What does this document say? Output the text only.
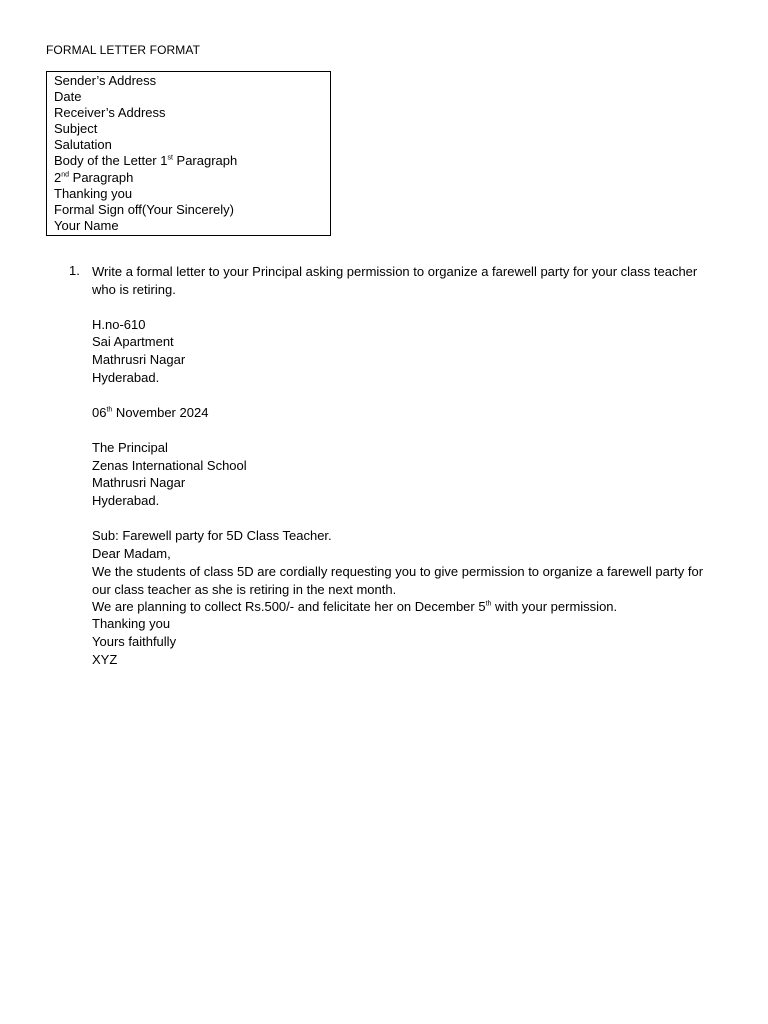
FORMAL LETTER FORMAT
Sender’s Address
Date
Receiver’s Address
Subject
Salutation
Body of the Letter 1st Paragraph
2nd Paragraph
Thanking you
Formal Sign off(Your Sincerely)
Your Name
1. Write a formal letter to your Principal asking permission to organize a farewell party for your class teacher who is retiring.
H.no-610
Sai Apartment
Mathrusri Nagar
Hyderabad.
06th November 2024
The Principal
Zenas International School
Mathrusri Nagar
Hyderabad.
Sub: Farewell party for 5D Class Teacher.
Dear Madam,
We the students of class 5D are cordially requesting you to give permission to organize a farewell party for our class teacher as she is retiring in the next month.
We are planning to collect Rs.500/- and felicitate her on December 5th with your permission.
Thanking you
Yours faithfully
XYZ
